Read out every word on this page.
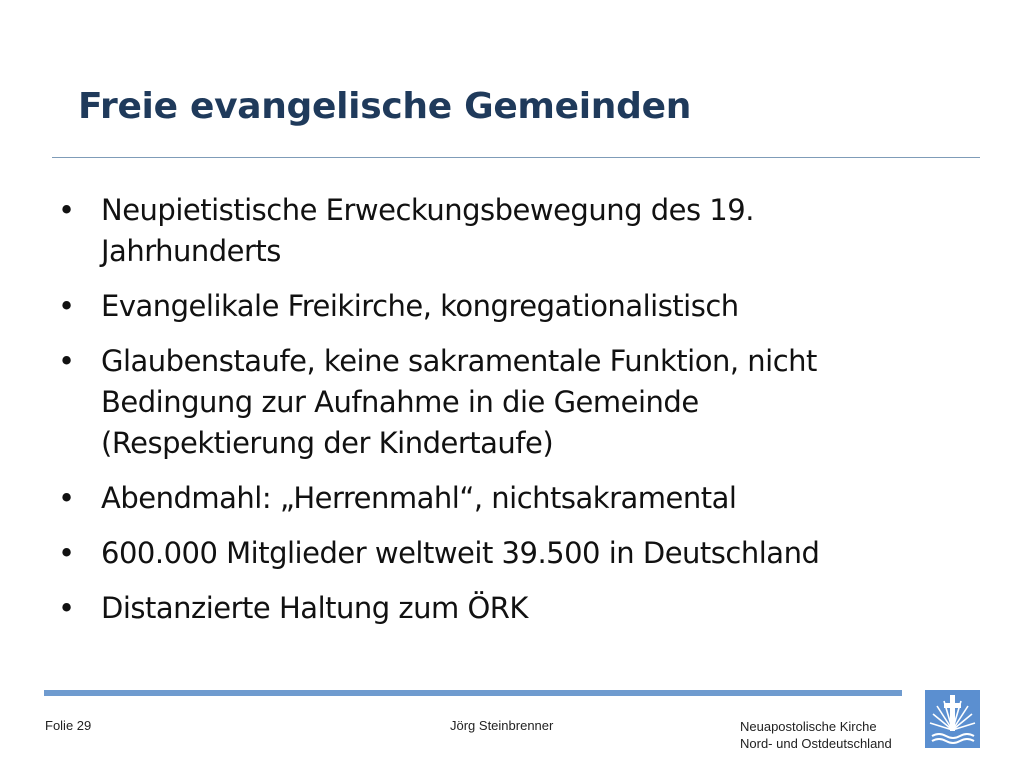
Freie evangelische Gemeinden
• Neupietistische Erweckungsbewegung des 19.
Jahrhunderts
• Evangelikale Freikirche, kongregationalistisch
• Glaubenstaufe, keine sakramentale Funktion, nicht
Bedingung zur Aufnahme in die Gemeinde
(Respektierung der Kindertaufe)
• Abendmahl: „Herrenmahl“, nichtsakramental
• 600.000 Mitglieder weltweit 39.500 in Deutschland
• Distanzierte Haltung zum ÖRK
Folie 29	Jörg Steinbrenner	Neuapostolische Kirche
Nord- und Ostdeutschland
